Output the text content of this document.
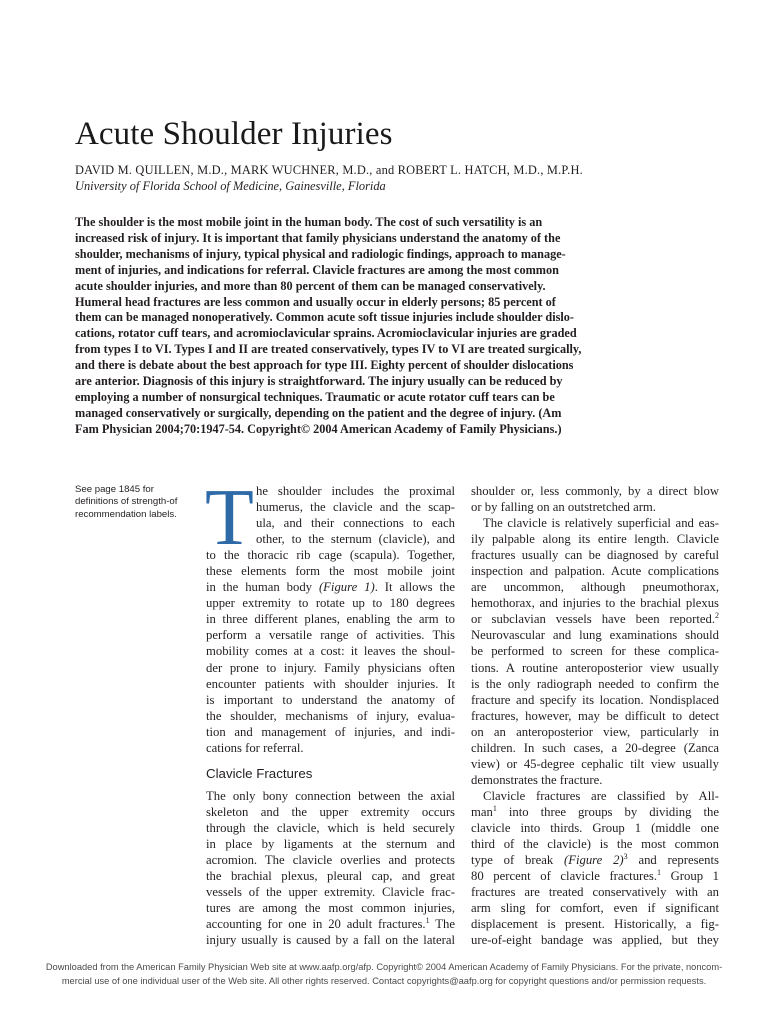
Acute Shoulder Injuries
DAVID M. QUILLEN, M.D., MARK WUCHNER, M.D., and ROBERT L. HATCH, M.D., M.P.H.
University of Florida School of Medicine, Gainesville, Florida
The shoulder is the most mobile joint in the human body. The cost of such versatility is an
increased risk of injury. It is important that family physicians understand the anatomy of the
shoulder, mechanisms of injury, typical physical and radiologic findings, approach to manage-
ment of injuries, and indications for referral. Clavicle fractures are among the most common
acute shoulder injuries, and more than 80 percent of them can be managed conservatively.
Humeral head fractures are less common and usually occur in elderly persons; 85 percent of
them can be managed nonoperatively. Common acute soft tissue injuries include shoulder dislo-
cations, rotator cuff tears, and acromioclavicular sprains. Acromioclavicular injuries are graded
from types I to VI. Types I and II are treated conservatively, types IV to VI are treated surgically,
and there is debate about the best approach for type III. Eighty percent of shoulder dislocations
are anterior. Diagnosis of this injury is straightforward. The injury usually can be reduced by
employing a number of nonsurgical techniques. Traumatic or acute rotator cuff tears can be
managed conservatively or surgically, depending on the patient and the degree of injury. (Am
Fam Physician 2004;70:1947-54. Copyright© 2004 American Academy of Family Physicians.)
See page 1845 for
definitions of strength-of
recommendation labels. T he shoulder includes the proximal
humerus, the clavicle and the scap-
ula, and their connections to each
other, to the sternum (clavicle), and
to the thoracic rib cage (scapula). Together,
these elements form the most mobile joint
in the human body (Figure 1). It allows the
upper extremity to rotate up to 180 degrees
in three different planes, enabling the arm to
perform a versatile range of activities. This
mobility comes at a cost: it leaves the shoul-
der prone to injury. Family physicians often
encounter patients with shoulder injuries. It
is important to understand the anatomy of
the shoulder, mechanisms of injury, evalua-
tion and management of injuries, and indi-
cations for referral.
Clavicle Fractures
The only bony connection between the axial
skeleton and the upper extremity occurs
through the clavicle, which is held securely
in place by ligaments at the sternum and
acromion. The clavicle overlies and protects
the brachial plexus, pleural cap, and great
vessels of the upper extremity. Clavicle frac-
tures are among the most common injuries,
accounting for one in 20 adult fractures.$^1$ The
injury usually is caused by a fall on the lateral
shoulder or, less commonly, by a direct blow
or by falling on an outstretched arm.
The clavicle is relatively superficial and eas-
ily palpable along its entire length. Clavicle
fractures usually can be diagnosed by careful
inspection and palpation. Acute complications
are uncommon, although pneumothorax,
hemothorax, and injuries to the brachial plexus
or subclavian vessels have been reported.$^2$
Neurovascular and lung examinations should
be performed to screen for these complica-
tions. A routine anteroposterior view usually
is the only radiograph needed to confirm the
fracture and specify its location. Nondisplaced
fractures, however, may be difficult to detect
on an anteroposterior view, particularly in
children. In such cases, a 20-degree (Zanca
view) or 45-degree cephalic tilt view usually
demonstrates the fracture.
Clavicle fractures are classified by All-
man$^1$ into three groups by dividing the
clavicle into thirds. Group 1 (middle one
third of the clavicle) is the most common
type of break (Figure 2)$^3$ and represents
80 percent of clavicle fractures.$^1$ Group 1
fractures are treated conservatively with an
arm sling for comfort, even if significant
displacement is present. Historically, a fig-
ure-of-eight bandage was applied, but they
Downloaded from the American Family Physician Web site at www.aafp.org/afp. Copyright© 2004 American Academy of Family Physicians. For the private, noncom-
mercial use of one individual user of the Web site. All other rights reserved. Contact copyrights@aafp.org for copyright questions and/or permission requests.
